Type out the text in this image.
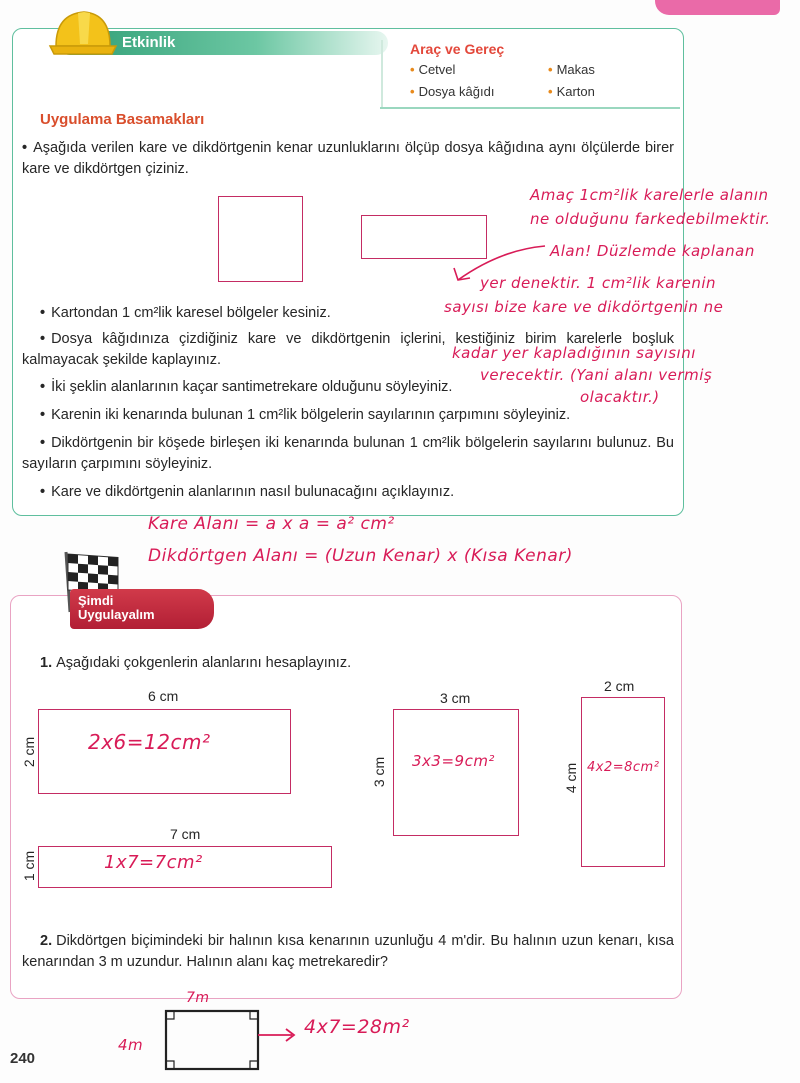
Etkinlik	Araç ve Gereç
• Cetvel	• Makas
• Dosya kâğıdı	• Karton
Uygulama Basamakları
• Aşağıda verilen kare ve dikdörtgenin kenar uzunluklarını ölçüp dosya kâğıdına aynı ölçülerde birer kare ve dikdörtgen çiziniz.
• Kartondan 1 cm²lik karesel bölgeler kesiniz.
• Dosya kâğıdınıza çizdiğiniz kare ve dikdörtgenin içlerini, kestiğiniz birim karelerle boşluk kalmayacak şekilde kaplayınız.
• İki şeklin alanlarının kaçar santimetrekare olduğunu söyleyiniz.
• Karenin iki kenarında bulunan 1 cm²lik bölgelerin sayılarının çarpımını söyleyiniz.
• Dikdörtgenin bir köşede birleşen iki kenarında bulunan 1 cm²lik bölgelerin sayılarını bulunuz. Bu sayıların çarpımını söyleyiniz.
• Kare ve dikdörtgenin alanlarının nasıl bulunacağını açıklayınız.
Amaç 1cm²lik karelerle alanın
ne olduğunu farkedebilmektir.
Alan! Düzlemde kaplanan
yer denektir. 1 cm²lik karenin
sayısı bize kare ve dikdörtgenin ne
kadar yer kapladığının sayısını
verecektir. (Yani alanı vermiş
olacaktır.)
Kare Alanı = a x a = a² cm²
Dikdörtgen Alanı = (Uzun Kenar) x (Kısa Kenar)
Şimdi
Uygulayalım
1. Aşağıdaki çokgenlerin alanlarını hesaplayınız.
6 cm
2 cm	2x6=12cm²
3 cm
3 cm 3x3=9cm²
2 cm
4 cm 4x2=8cm²
7 cm
1 cm	1x7=7cm²
2. Dikdörtgen biçimindeki bir halının kısa kenarının uzunluğu 4 m'dir. Bu halının uzun kenarı, kısa kenarından 3 m uzundur. Halının alanı kaç metrekaredir?
7m
4m
4x7=28m²
240
